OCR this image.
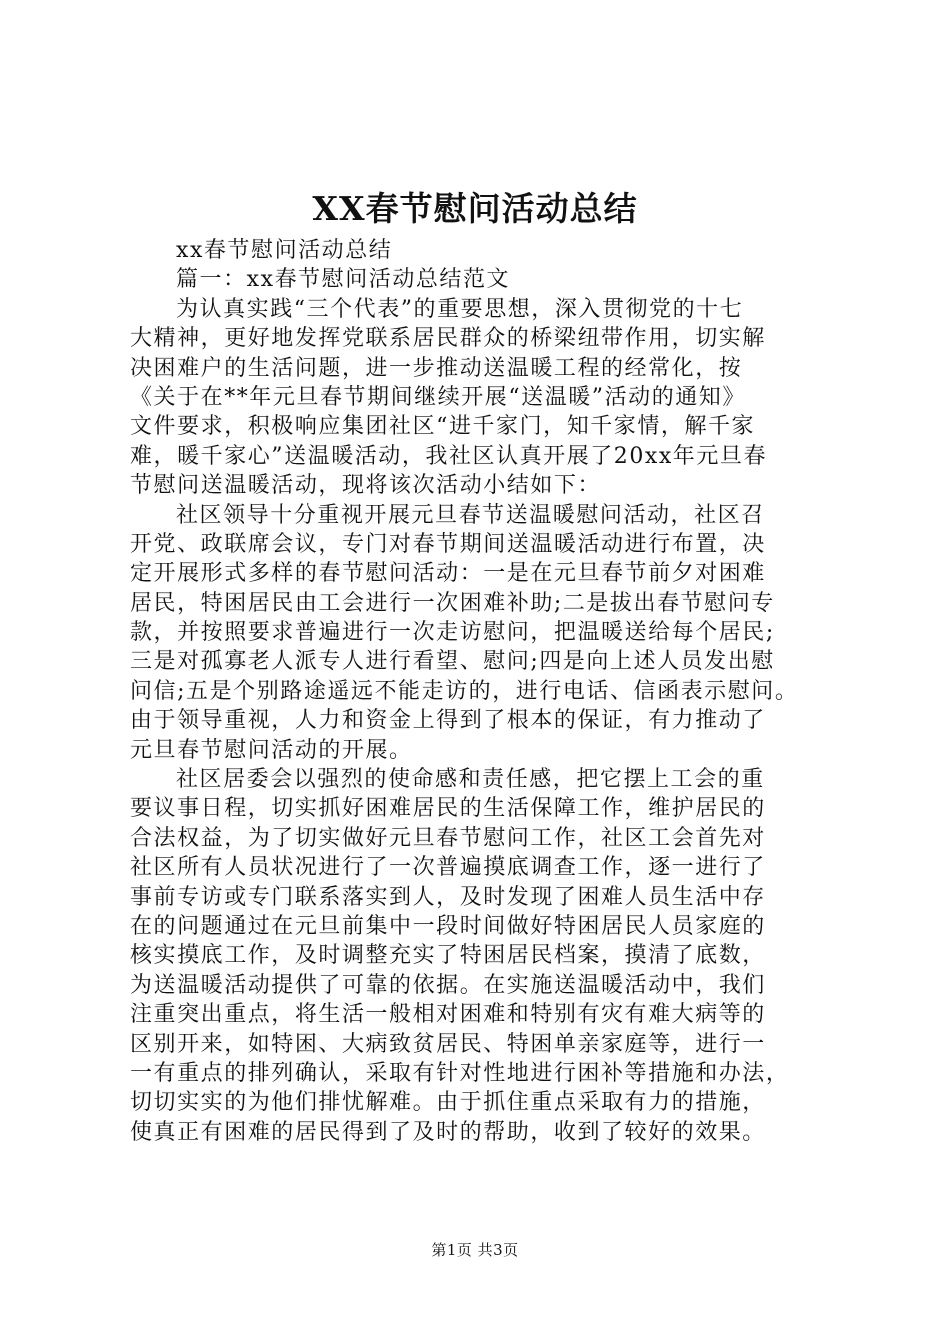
XX春节慰问活动总结
xx春节慰问活动总结
篇一：xx春节慰问活动总结范文
为认真实践“三个代表”的重要思想，深入贯彻党的十七
大精神，更好地发挥党联系居民群众的桥梁纽带作用，切实解
决困难户的生活问题，进一步推动送温暖工程的经常化，按
《关于在**年元旦春节期间继续开展“送温暖”活动的通知》
文件要求，积极响应集团社区“进千家门，知千家情，解千家
难，暖千家心”送温暖活动，我社区认真开展了20xx年元旦春
节慰问送温暖活动，现将该次活动小结如下：
社区领导十分重视开展元旦春节送温暖慰问活动，社区召
开党、政联席会议，专门对春节期间送温暖活动进行布置，决
定开展形式多样的春节慰问活动：一是在元旦春节前夕对困难
居民，特困居民由工会进行一次困难补助;二是拔出春节慰问专
款，并按照要求普遍进行一次走访慰问，把温暖送给每个居民;
三是对孤寡老人派专人进行看望、慰问;四是向上述人员发出慰
问信;五是个别路途遥远不能走访的，进行电话、信函表示慰问。
由于领导重视，人力和资金上得到了根本的保证，有力推动了
元旦春节慰问活动的开展。
社区居委会以强烈的使命感和责任感，把它摆上工会的重
要议事日程，切实抓好困难居民的生活保障工作，维护居民的
合法权益，为了切实做好元旦春节慰问工作，社区工会首先对
社区所有人员状况进行了一次普遍摸底调查工作，逐一进行了
事前专访或专门联系落实到人，及时发现了困难人员生活中存
在的问题通过在元旦前集中一段时间做好特困居民人员家庭的
核实摸底工作，及时调整充实了特困居民档案，摸清了底数，
为送温暖活动提供了可靠的依据。在实施送温暖活动中，我们
注重突出重点，将生活一般相对困难和特别有灾有难大病等的
区别开来，如特困、大病致贫居民、特困单亲家庭等，进行一
一有重点的排列确认，采取有针对性地进行困补等措施和办法，
切切实实的为他们排忧解难。由于抓住重点采取有力的措施，
使真正有困难的居民得到了及时的帮助，收到了较好的效果。
第1页 共3页
